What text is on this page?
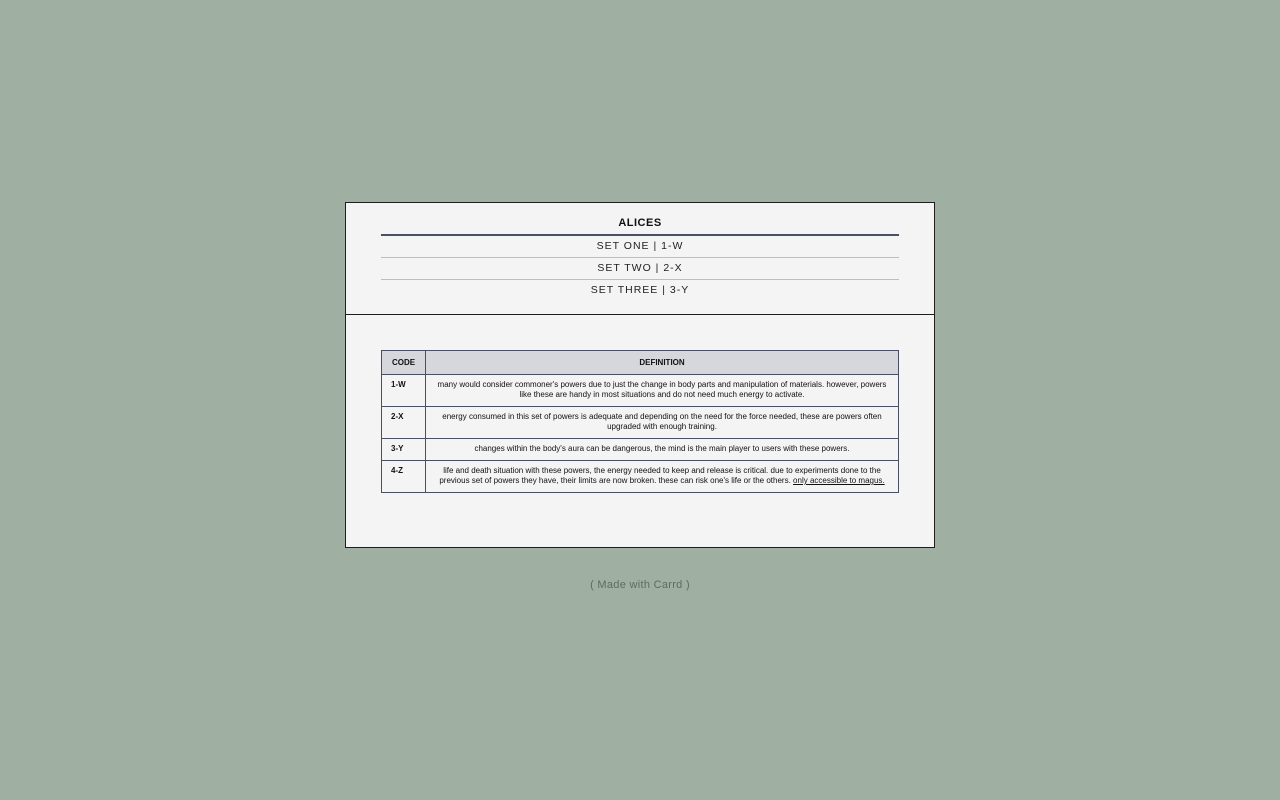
ALICES
SET ONE | 1-W
SET TWO | 2-X
SET THREE | 3-Y
CODE	DEFINITION
1-W	many would consider commoner's powers due to just the change in body parts and manipulation of materials. however, powers like these are handy in most situations and do not need much energy to activate.
2-X	energy consumed in this set of powers is adequate and depending on the need for the force needed, these are powers often upgraded with enough training.
3-Y	changes within the body's aura can be dangerous, the mind is the main player to users with these powers.
4-Z	life and death situation with these powers, the energy needed to keep and release is critical. due to experiments done to the previous set of powers they have, their limits are now broken. these can risk one's life or the others. only accessible to magus.
( Made with Carrd )
